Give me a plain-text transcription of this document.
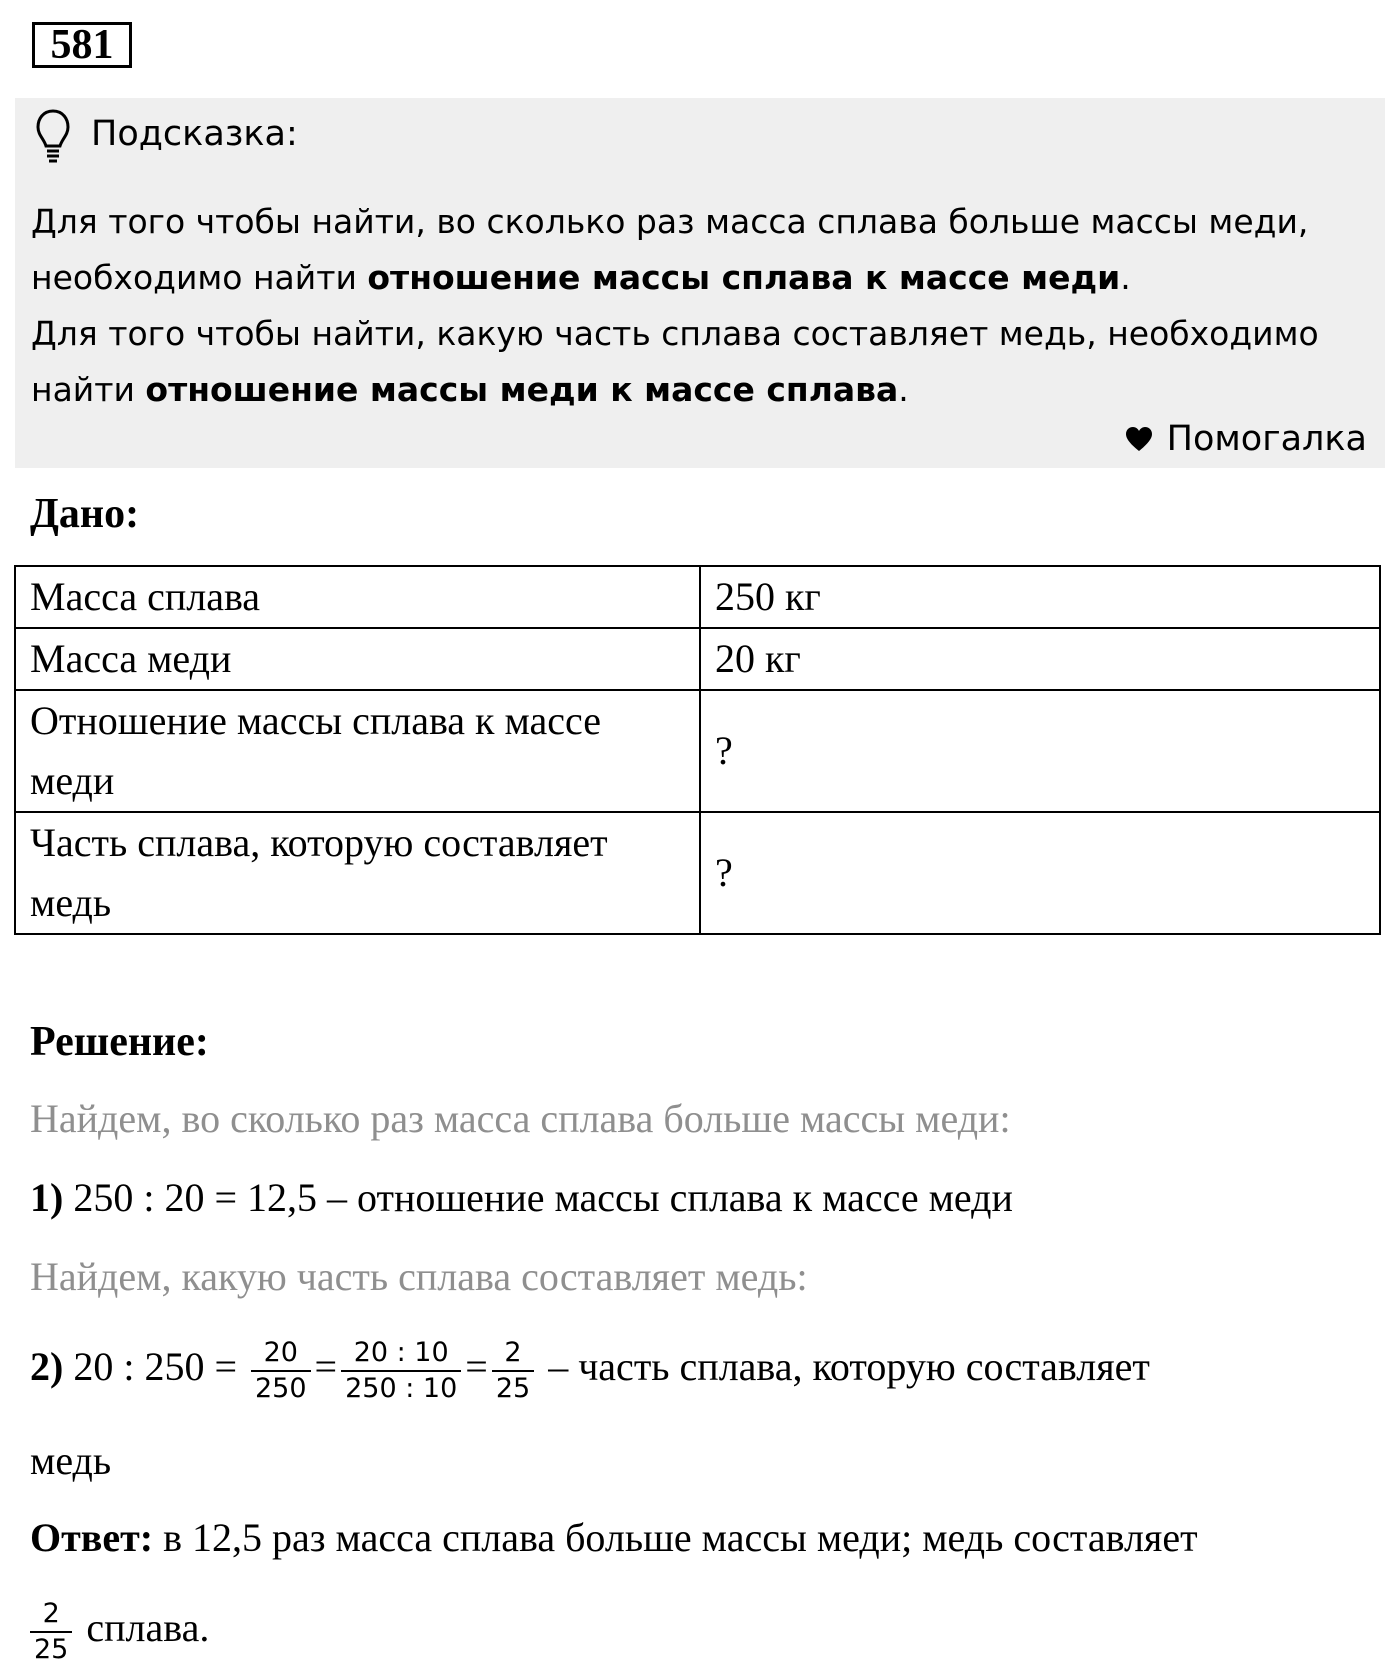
581
Подсказка:
Для того чтобы найти, во сколько раз масса сплава больше массы меди, необходимо найти отношение массы сплава к массе меди.
Для того чтобы найти, какую часть сплава составляет медь, необходимо найти отношение массы меди к массе сплава.
Помогалка
Дано:
Масса сплава	250 кг
Масса меди	20 кг
Отношение массы сплава к массе меди	?
Часть сплава, которую составляет медь	?
Решение:
Найдем, во сколько раз масса сплава больше массы меди:
1) 250 : 20 = 12,5 – отношение массы сплава к массе меди
Найдем, какую часть сплава составляет медь:
2) 20 : $250 = \frac{20}{250} = \frac{20 : 10}{250 : 10} = \frac{2}{25}$ – часть сплава, которую составляет
медь
Ответ: в 12,5 раз масса сплава больше массы меди; медь составляет
$\frac{2}{25}$ сплава.
